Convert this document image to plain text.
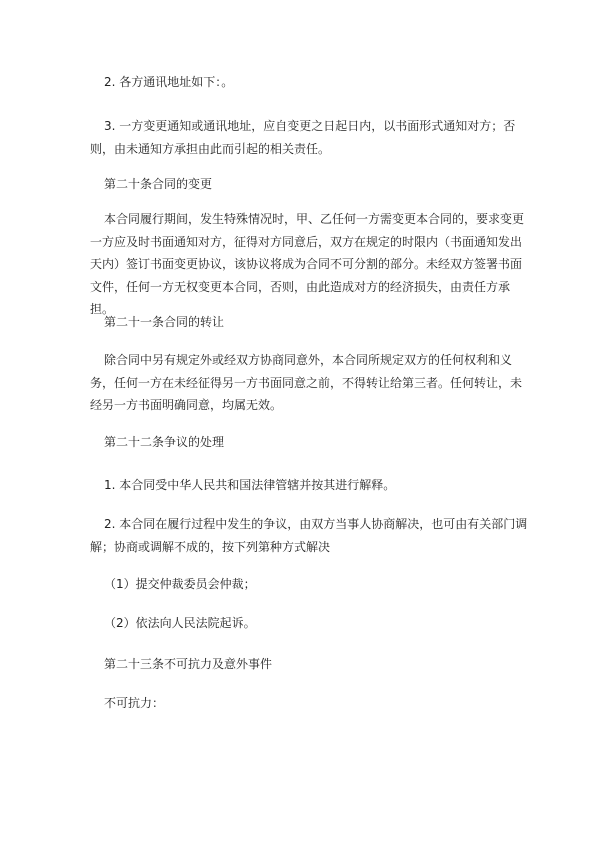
2. 各方通讯地址如下：。

3. 一方变更通知或通讯地址，应自变更之日起日内，以书面形式通知对方；否则，由未通知方承担由此而引起的相关责任。

第二十条合同的变更

本合同履行期间，发生特殊情况时，甲、乙任何一方需变更本合同的，要求变更一方应及时书面通知对方，征得对方同意后，双方在规定的时限内（书面通知发出天内）签订书面变更协议，该协议将成为合同不可分割的部分。未经双方签署书面文件，任何一方无权变更本合同，否则，由此造成对方的经济损失，由责任方承担。

第二十一条合同的转让

除合同中另有规定外或经双方协商同意外，本合同所规定双方的任何权利和义务，任何一方在未经征得另一方书面同意之前，不得转让给第三者。任何转让，未经另一方书面明确同意，均属无效。

第二十二条争议的处理

1. 本合同受中华人民共和国法律管辖并按其进行解释。

2. 本合同在履行过程中发生的争议，由双方当事人协商解决，也可由有关部门调解；协商或调解不成的，按下列第种方式解决

（1）提交仲裁委员会仲裁；

（2）依法向人民法院起诉。

第二十三条不可抗力及意外事件

不可抗力：
